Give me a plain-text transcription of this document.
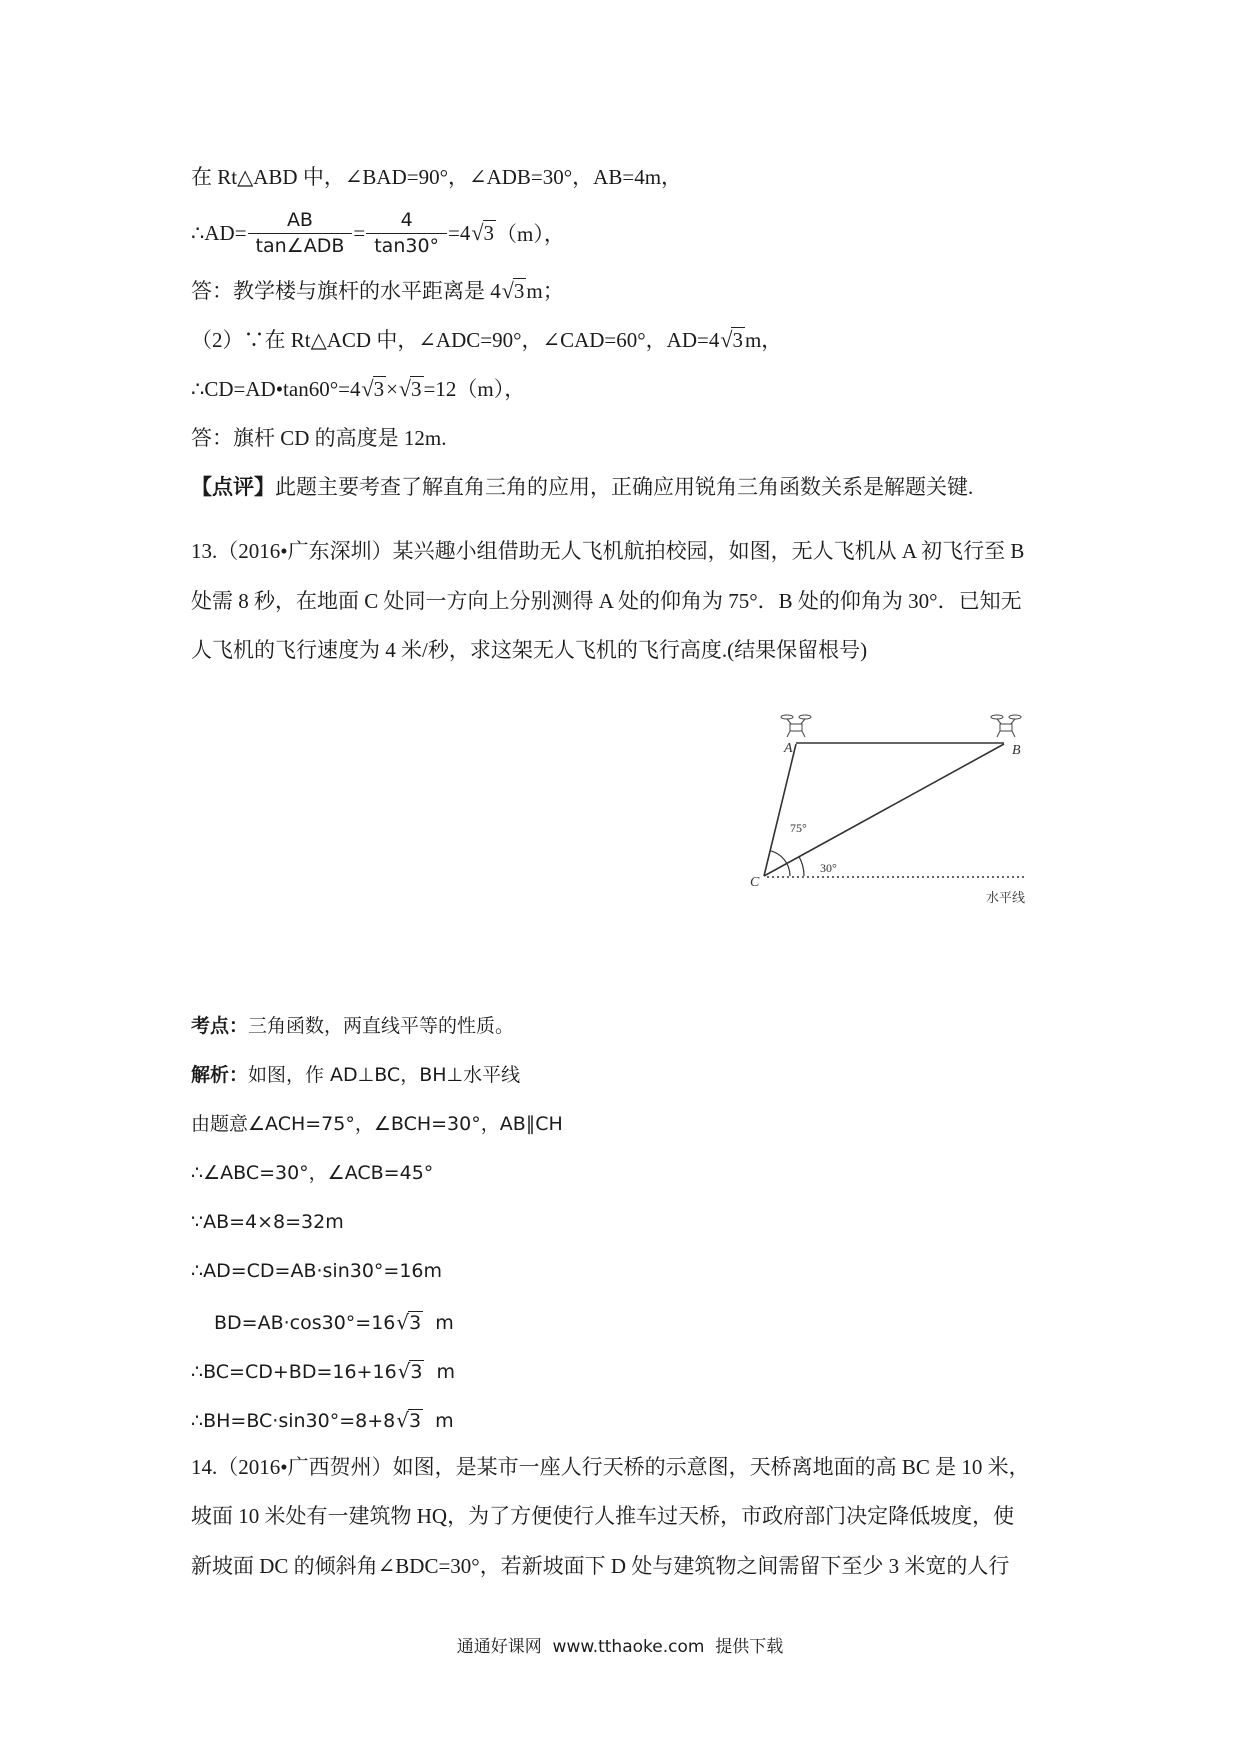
在 Rt△ABD 中，∠BAD=90°，∠ADB=30°，AB=4m，
∴AD= $\frac{AB}{\text{tan∠ADB}} = \frac{4}{\tan 30^\circ} =4$ √ 3 （m），
答：教学楼与旗杆的水平距离是 4√3m；
（2）∵在 Rt△ACD 中，∠ADC=90°，∠CAD=60°，AD=4√3m，
∴CD=AD•tan60°=4√3×√3=12（m），
答：旗杆 CD 的高度是 12m.
【点评】此题主要考查了解直角三角的应用，正确应用锐角三角函数关系是解题关键.
13.（2016•广东深圳）某兴趣小组借助无人飞机航拍校园，如图，无人飞机从 A 初飞行至 B
处需 8 秒，在地面 C 处同一方向上分别测得 A 处的仰角为 75°．B 处的仰角为 30°．已知无
人飞机的飞行速度为 4 米/秒，求这架无人飞机的飞行高度.(结果保留根号)
A	B
C
75°
30°
水平线
考点：三角函数，两直线平等的性质。
解析：如图，作 AD⊥BC，BH⊥水平线
由题意∠ACH=75°，∠BCH=30°，AB∥CH
∴∠ABC=30°，∠ACB=45°
∵AB=4×8=32m
∴AD=CD=AB·sin30°=16m
BD=AB·cos30°=16√3  m
∴BC=CD+BD=16+16√3  m
∴BH=BC·sin30°=8+8√3  m
14.（2016•广西贺州）如图，是某市一座人行天桥的示意图，天桥离地面的高 BC 是 10 米，
坡面 10 米处有一建筑物 HQ，为了方便使行人推车过天桥，市政府部门决定降低坡度，使
新坡面 DC 的倾斜角∠BDC=30°，若新坡面下 D 处与建筑物之间需留下至少 3 米宽的人行
通通好课网  www.tthaoke.com  提供下载
